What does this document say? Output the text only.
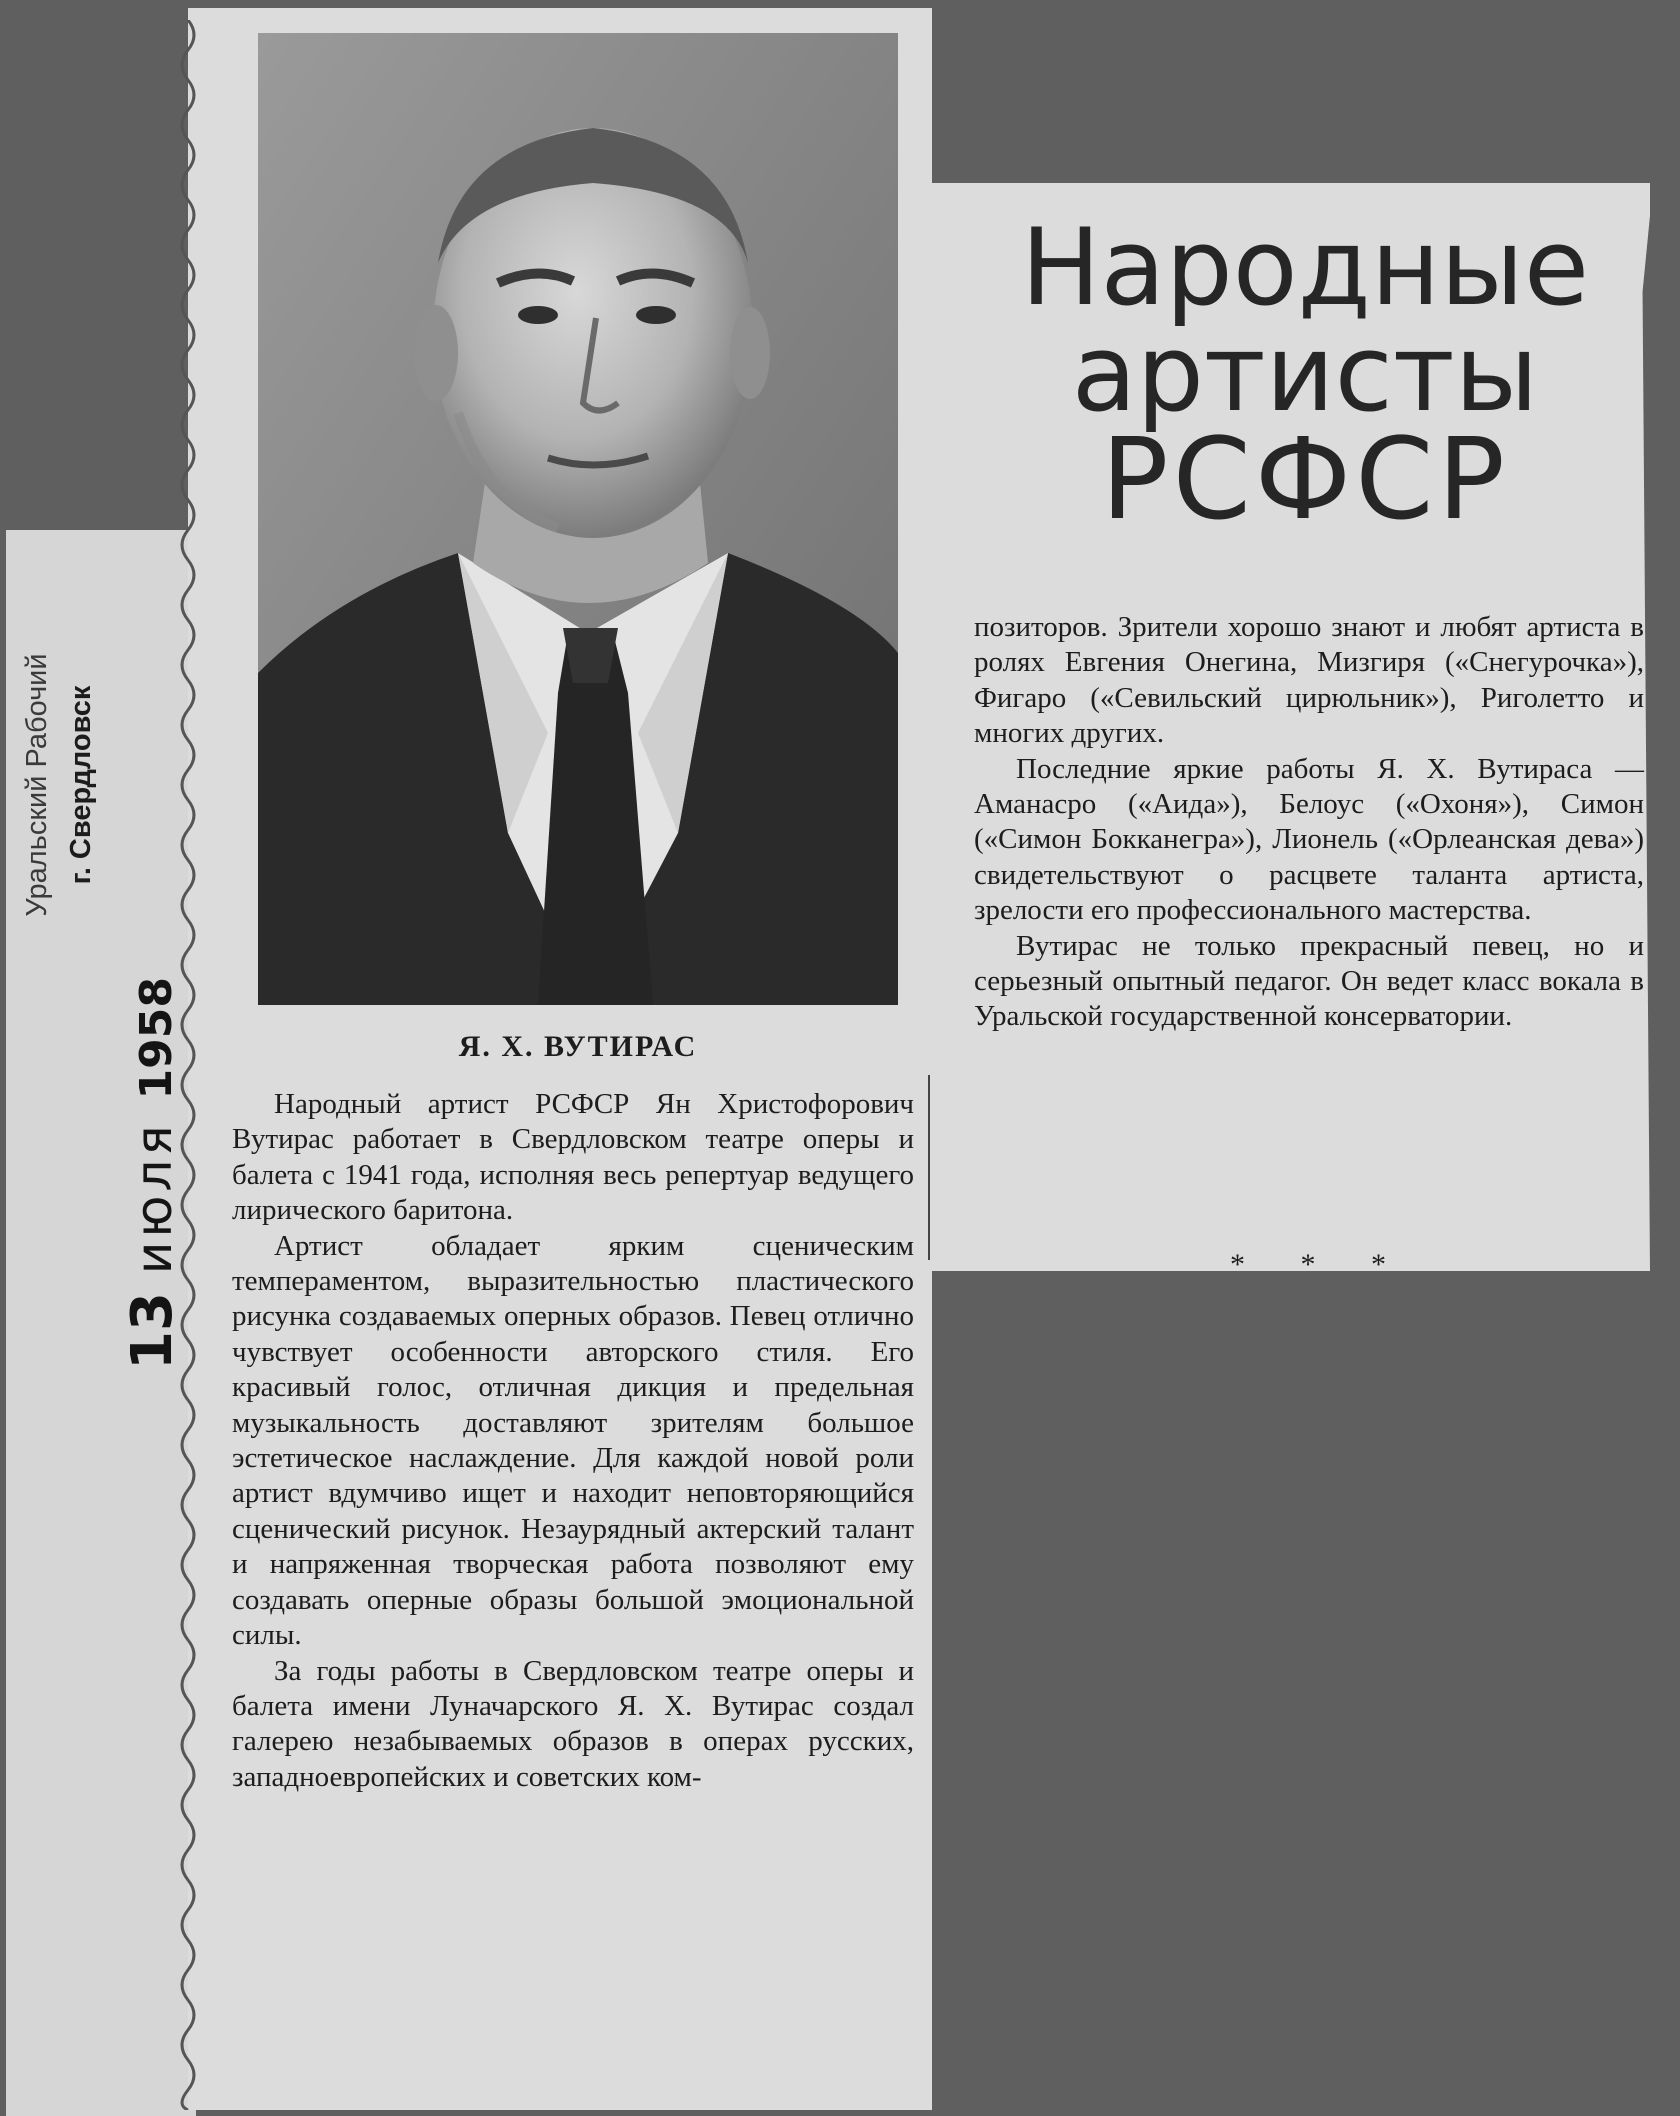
Уральский Рабочий г. Свердловск
13июля1958	Я. Х. ВУТИРАС
Народные
артисты
РСФСР

Народный артист РСФСР Ян Христофорович Вутирас работает в Свердловском театре оперы и балета с 1941 года, исполняя весь репертуар ведущего лирического баритона.

Артист обладает ярким сценическим темпераментом, выразительностью пластического рисунка создаваемых оперных образов. Певец отлично чувствует особенности авторского стиля. Его красивый голос, отличная дикция и предельная музыкальность доставляют зрителям большое эстетическое наслаждение. Для каждой новой роли артист вдумчиво ищет и находит неповторяющийся сценический рисунок. Незаурядный актерский талант и напряженная творческая работа позволяют ему создавать оперные образы большой эмоциональной силы.

За годы работы в Свердловском театре оперы и балета имени Луначарского Я. Х. Вутирас создал галерею незабываемых образов в операх русских, западноевропейских и советских ком-

позиторов. Зрители хорошо знают и любят артиста в ролях Евгения Онегина, Мизгиря («Снегурочка»), Фигаро («Севильский цирюльник»), Риголетто и многих других.

Последние яркие работы Я. Х. Вутираса — Аманасро («Аида»), Белоус («Охоня»), Симон («Симон Бокканегра»), Лионель («Орлеанская дева») свидетельствуют о расцвете таланта артиста, зрелости его профессионального мастерства.

Вутирас не только прекрасный певец, но и серьезный опытный педагог. Он ведет класс вокала в Уральской государственной консерватории.

* * *
